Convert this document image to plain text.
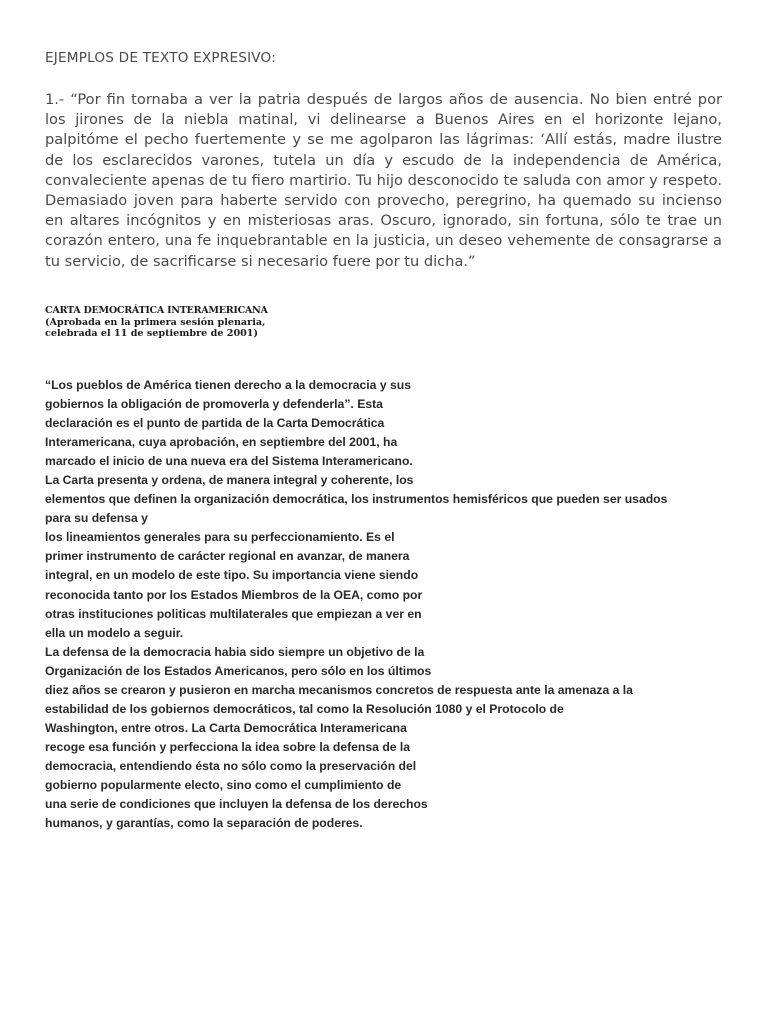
EJEMPLOS DE TEXTO EXPRESIVO:

1.- “Por fin tornaba a ver la patria después de largos años de ausencia. No bien entré por los jirones de la niebla matinal, vi delinearse a Buenos Aires en el horizonte lejano, palpitóme el pecho fuertemente y se me agolparon las lágrimas: ‘Allí estás, madre ilustre de los esclarecidos varones, tutela un día y escudo de la independencia de América, convaleciente apenas de tu fiero martirio. Tu hijo desconocido te saluda con amor y respeto. Demasiado joven para haberte servido con provecho, peregrino, ha quemado su incienso en altares incógnitos y en misteriosas aras. Oscuro, ignorado, sin fortuna, sólo te trae un corazón entero, una fe inquebrantable en la justicia, un deseo vehemente de consagrarse a tu servicio, de sacrificarse si necesario fuere por tu dicha.”

CARTA DEMOCRÁTICA INTERAMERICANA
(Aprobada en la primera sesión plenaria,
celebrada el 11 de septiembre de 2001)
“Los pueblos de América tienen derecho a la democracia y sus
gobiernos la obligación de promoverla y defenderla”. Esta
declaración es el punto de partida de la Carta Democrática
Interamericana, cuya aprobación, en septiembre del 2001, ha
marcado el inicio de una nueva era del Sistema Interamericano.
La Carta presenta y ordena, de manera integral y coherente, los
elementos que definen la organización democrática, los instrumentos hemisféricos que pueden ser usados
para su defensa y
los lineamientos generales para su perfeccionamiento. Es el
primer instrumento de carácter regional en avanzar, de manera
integral, en un modelo de este tipo. Su importancia viene siendo
reconocida tanto por los Estados Miembros de la OEA, como por
otras instituciones politicas multilaterales que empiezan a ver en
ella un modelo a seguir.
La defensa de la democracia habia sido siempre un objetivo de la
Organización de los Estados Americanos, pero sólo en los últimos
diez años se crearon y pusieron en marcha mecanismos concretos de respuesta ante la amenaza a la
estabilidad de los gobiernos democráticos, tal como la Resolución 1080 y el Protocolo de
Washington, entre otros. La Carta Democrática Interamericana
recoge esa función y perfecciona la idea sobre la defensa de la
democracia, entendiendo ésta no sólo como la preservación del
gobierno popularmente electo, sino como el cumplimiento de
una serie de condiciones que incluyen la defensa de los derechos
humanos, y garantías, como la separación de poderes.
